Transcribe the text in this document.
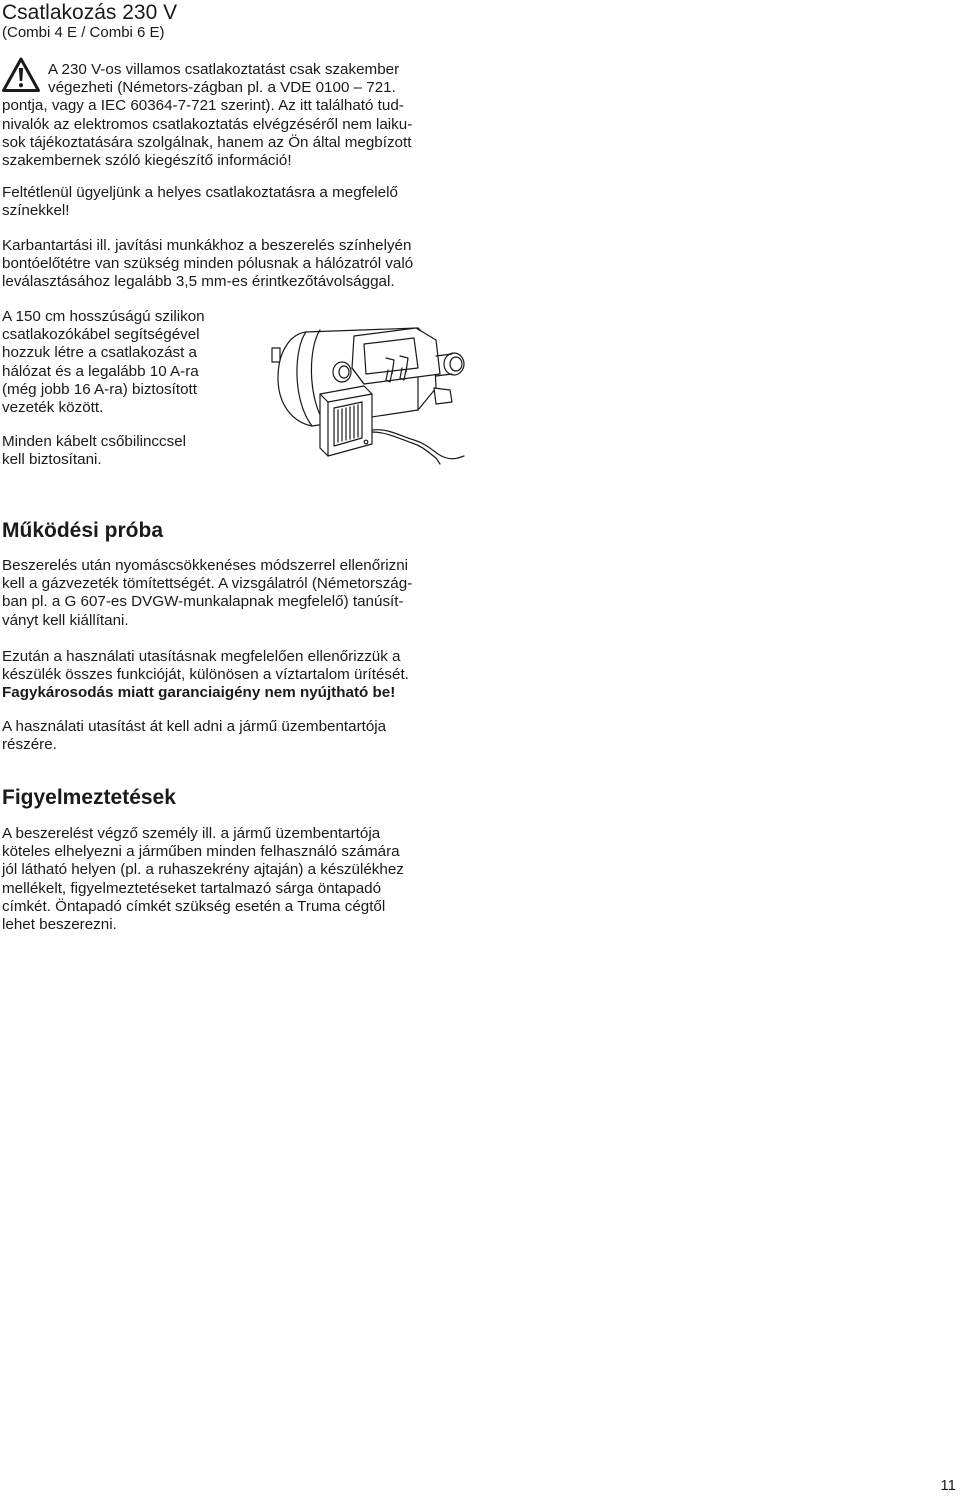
Csatlakozás 230 V
(Combi 4 E / Combi 6 E)
A 230 V-os villamos csatlakoztatást csak szakember
végezheti (Németors-zágban pl. a VDE 0100 – 721.
pontja, vagy a IEC 60364-7-721 szerint). Az itt található tud-
nivalók az elektromos csatlakoztatás elvégzéséről nem laiku-
sok tájékoztatására szolgálnak, hanem az Ön által megbízott
szakembernek szóló kiegészítő információ!
Feltétlenül ügyeljünk a helyes csatlakoztatásra a megfelelő
színekkel!
Karbantartási ill. javítási munkákhoz a beszerelés színhelyén
bontóelőtétre van szükség minden pólusnak a hálózatról való
leválasztásához legalább 3,5 mm-es érintkezőtávolsággal.
A 150 cm hosszúságú szilikon
csatlakozókábel segítségével
hozzuk létre a csatlakozást a
hálózat és a legalább 10 A-ra
(még jobb 16 A-ra) biztosított
vezeték között.
Minden kábelt csőbilinccsel
kell biztosítani.
Működési próba
Beszerelés után nyomáscsökkenéses módszerrel ellenőrizni
kell a gázvezeték tömítettségét. A vizsgálatról (Németország-
ban pl. a G 607-es DVGW-munkalapnak megfelelő) tanúsít-
ványt kell kiállítani.
Ezután a használati utasításnak megfelelően ellenőrizzük a
készülék összes funkcióját, különösen a víztartalom ürítését.
Fagykárosodás miatt garanciaigény nem nyújtható be!
A használati utasítást át kell adni a jármű üzembentartója
részére.
Figyelmeztetések
A beszerelést végző személy ill. a jármű üzembentartója
köteles elhelyezni a járműben minden felhasználó számára
jól látható helyen (pl. a ruhaszekrény ajtaján) a készülékhez
mellékelt, figyelmeztetéseket tartalmazó sárga öntapadó
címkét. Öntapadó címkét szükség esetén a Truma cégtől
lehet beszerezni.
11
